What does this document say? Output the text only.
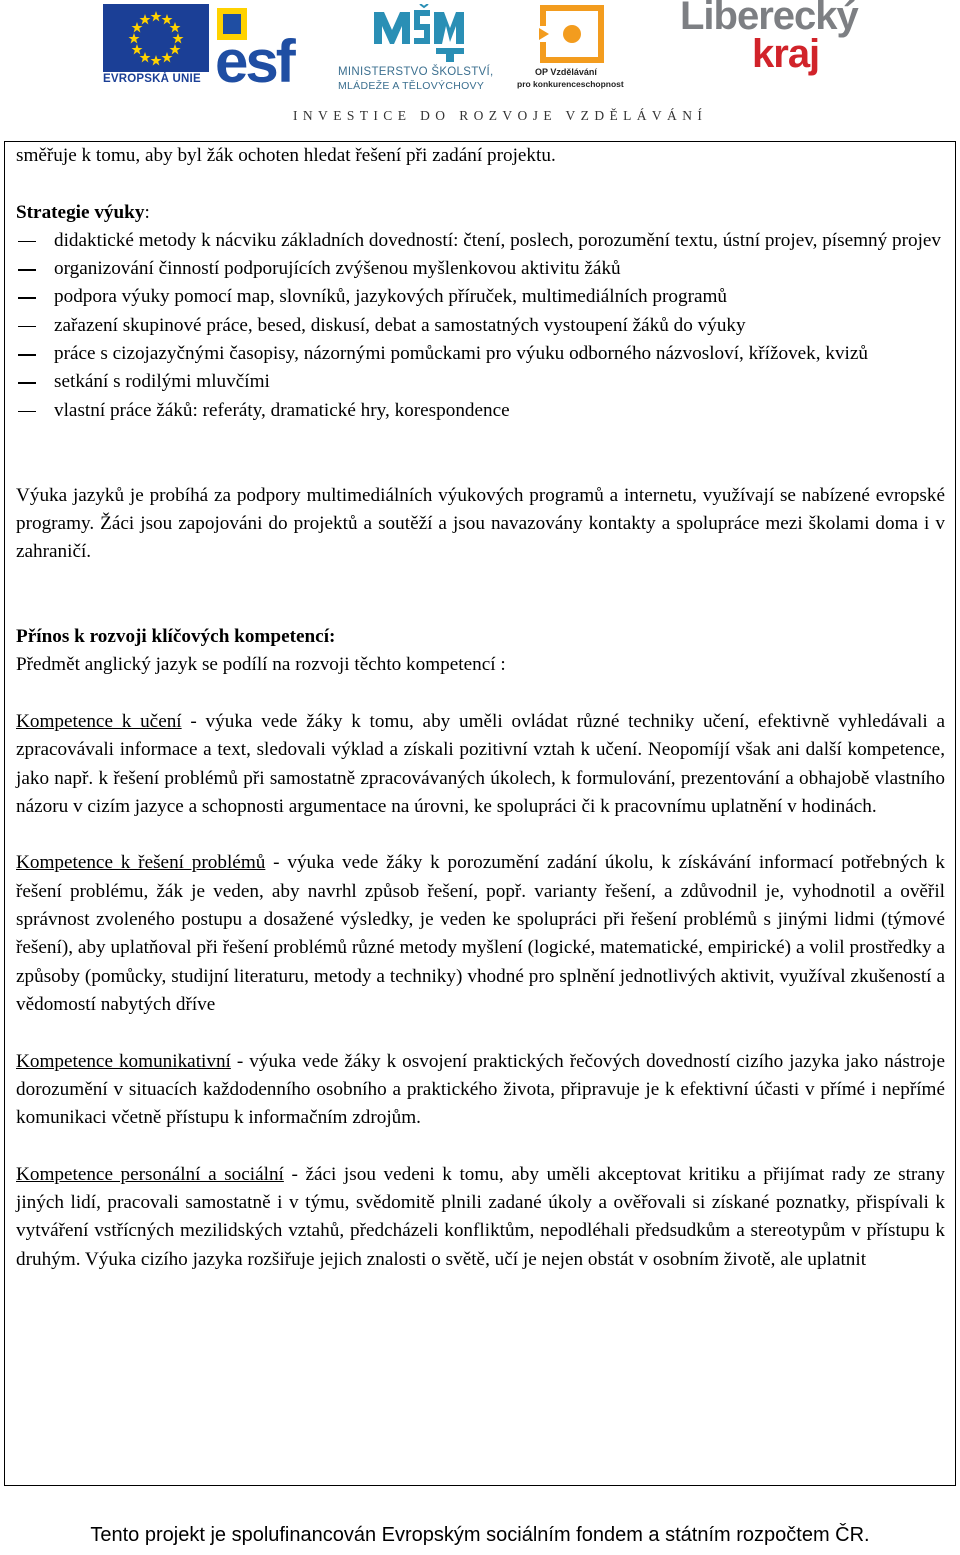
EVROPSKÁ UNIE esf	MINISTERSTVO ŠKOLSTVÍ,
MLÁDEŽE A TĚLOVÝCHOVY
OP Vzdělávání
pro konkurenceschopnost
Liberecký
kraj
INVESTICE DO ROZVOJE VZDĚLÁVÁNÍ

směřuje k tomu, aby byl žák ochoten hledat řešení při zadání projektu.

Strategie výuky:

didaktické metody k nácviku základních dovedností: čtení, poslech, porozumění textu, ústní projev, písemný projev
organizování činností podporujících zvýšenou myšlenkovou aktivitu žáků
podpora výuky pomocí map, slovníků, jazykových příruček, multimediálních programů
zařazení skupinové práce, besed, diskusí, debat a samostatných vystoupení žáků do výuky
práce s cizojazyčnými časopisy, názornými pomůckami pro výuku odborného názvosloví, křížovek, kvizů
setkání s rodilými mluvčími
vlastní práce žáků: referáty, dramatické hry, korespondence

Výuka jazyků je probíhá za podpory multimediálních výukových programů a internetu, využívají se nabízené evropské programy. Žáci jsou zapojováni do projektů a soutěží a jsou navazovány kontakty a spolupráce mezi školami doma i v zahraničí.

Přínos k rozvoji klíčových kompetencí:

Předmět anglický jazyk se podílí na rozvoji těchto kompetencí :

Kompetence k učení - výuka vede žáky k tomu, aby uměli ovládat různé techniky učení, efektivně vyhledávali a zpracovávali informace a text, sledovali výklad a získali pozitivní vztah k učení. Neopomíjí však ani další kompetence, jako např. k řešení problémů při samostatně zpracovávaných úkolech, k formulování, prezentování a obhajobě vlastního názoru v cizím jazyce a schopnosti argumentace na úrovni, ke spolupráci či k pracovnímu uplatnění v hodinách.

Kompetence k řešení problémů - výuka vede žáky k porozumění zadání úkolu, k získávání informací potřebných k řešení problému, žák je veden, aby navrhl způsob řešení, popř. varianty řešení, a zdůvodnil je, vyhodnotil a ověřil správnost zvoleného postupu a dosažené výsledky, je veden ke spolupráci při řešení problémů s jinými lidmi (týmové řešení), aby uplatňoval při řešení problémů různé metody myšlení (logické, matematické, empirické) a volil prostředky a způsoby (pomůcky, studijní literaturu, metody a techniky) vhodné pro splnění jednotlivých aktivit, využíval zkušeností a vědomostí nabytých dříve

Kompetence komunikativní - výuka vede žáky k osvojení praktických řečových dovedností cizího jazyka jako nástroje dorozumění v situacích každodenního osobního a praktického života, připravuje je k efektivní účasti v přímé i nepřímé komunikaci včetně přístupu k informačním zdrojům.

Kompetence personální a sociální - žáci jsou vedeni k tomu, aby uměli akceptovat kritiku a přijímat rady ze strany jiných lidí, pracovali samostatně i v týmu, svědomitě plnili zadané úkoly a ověřovali si získané poznatky, přispívali k vytváření vstřícných mezilidských vztahů, předcházeli konfliktům, nepodléhali předsudkům a stereotypům v přístupu k druhým. Výuka cizího jazyka rozšiřuje jejich znalosti o světě, učí je nejen obstát v osobním životě, ale uplatnit

Tento projekt je spolufinancován Evropským sociálním fondem a státním rozpočtem ČR.
